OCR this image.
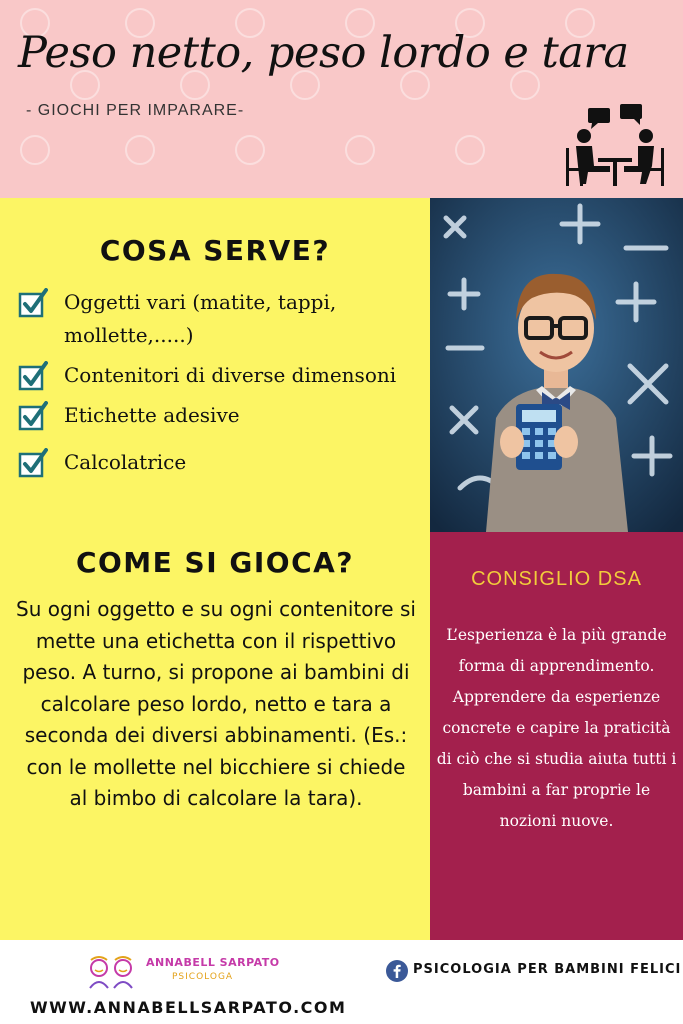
Peso netto, peso lordo e tara
- GIOCHI PER IMPARARE-
COSA SERVE?
Oggetti vari (matite, tappi, mollette,.....)
Contenitori di diverse dimensoni
Etichette adesive
Calcolatrice
COME SI GIOCA?
Su ogni oggetto e su ogni contenitore si mette una etichetta con il rispettivo peso. A turno, si propone ai bambini di calcolare peso lordo, netto e tara a seconda dei diversi abbinamenti. (Es.: con le mollette nel bicchiere si chiede al bimbo di calcolare la tara).
CONSIGLIO DSA
L’esperienza è la più grande forma di apprendimento. Apprendere da esperienze concrete e capire la praticità di ciò che si studia aiuta tutti i bambini a far proprie le nozioni nuove.
ANNABELL SARPATO
PSICOLOGA	PSICOLOGIA PER BAMBINI FELICI
WWW.ANNABELLSARPATO.COM
